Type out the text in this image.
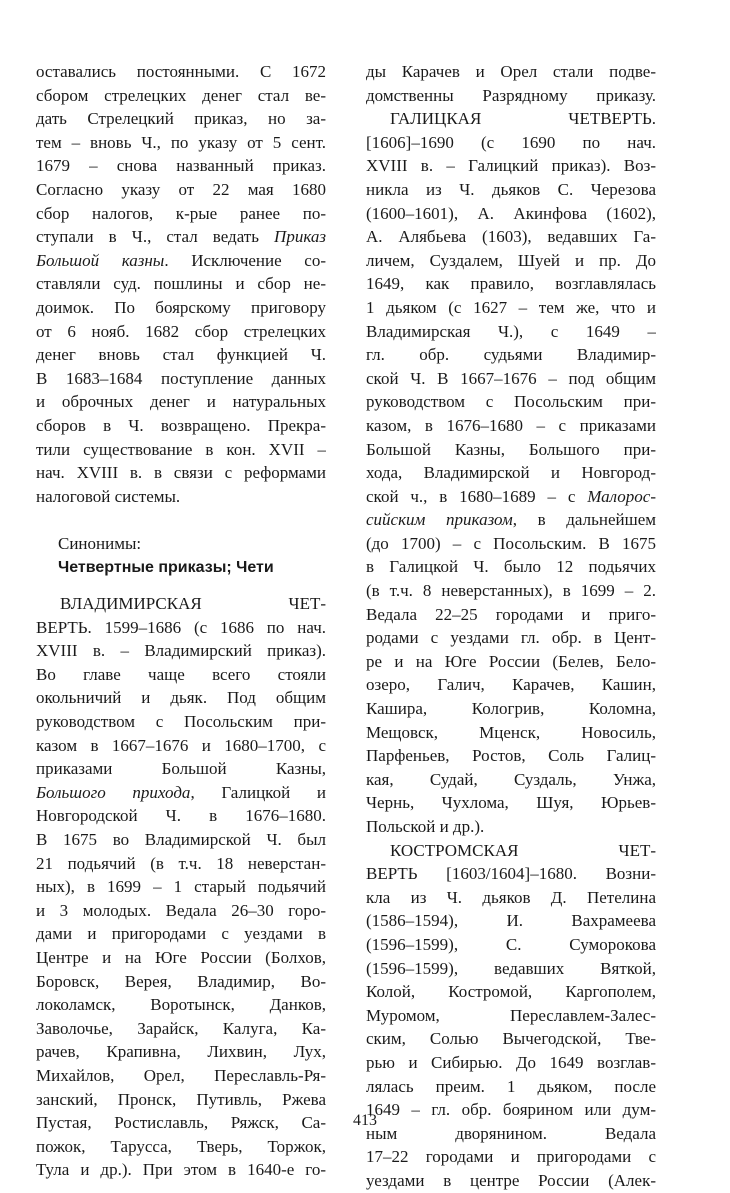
оставались постоянными. С 1672
сбором стрелецких денег стал ве-
дать Стрелецкий приказ, но за-
тем – вновь Ч., по указу от 5 сент.
1679 – снова названный приказ.
Согласно указу от 22 мая 1680
сбор налогов, к-рые ранее по-
ступали в Ч., стал ведать Приказ
Большой казны. Исключение со-
ставляли суд. пошлины и сбор не-
доимок. По боярскому приговору
от 6 нояб. 1682 сбор стрелецких
денег вновь стал функцией Ч.
В 1683–1684 поступление данных
и оброчных денег и натуральных
сборов в Ч. возвращено. Прекра-
тили существование в кон. XVII –
нач. XVIII в. в связи с реформами
налоговой системы.
Синонимы:
Четвертные приказы; Чети
ВЛАДИМИРСКАЯ ЧЕТ-
ВЕРТЬ. 1599–1686 (с 1686 по нач.
XVIII в. – Владимирский приказ).
Во главе чаще всего стояли
окольничий и дьяк. Под общим
руководством с Посольским при-
казом в 1667–1676 и 1680–1700, с
приказами Большой Казны,
Большого прихода, Галицкой и
Новгородской Ч. в 1676–1680.
В 1675 во Владимирской Ч. был
21 подьячий (в т.ч. 18 неверстан-
ных), в 1699 – 1 старый подьячий
и 3 молодых. Ведала 26–30 горо-
дами и пригородами с уездами в
Центре и на Юге России (Болхов,
Боровск, Верея, Владимир, Во-
локоламск, Воротынск, Данков,
Заволочье, Зарайск, Калуга, Ка-
рачев, Крапивна, Лихвин, Лух,
Михайлов, Орел, Переславль-Ря-
занский, Пронск, Путивль, Ржева
Пустая, Ростиславль, Ряжск, Са-
пожок, Тарусса, Тверь, Торжок,
Тула и др.). При этом в 1640-е го-
ды Карачев и Орел стали подве-
домственны Разрядному приказу.
ГАЛИЦКАЯ ЧЕТВЕРТЬ.
[1606]–1690 (с 1690 по нач.
XVIII в. – Галицкий приказ). Воз-
никла из Ч. дьяков С. Черезова
(1600–1601), А. Акинфова (1602),
А. Алябьева (1603), ведавших Га-
личем, Суздалем, Шуей и пр. До
1649, как правило, возглавлялась
1 дьяком (с 1627 – тем же, что и
Владимирская Ч.), с 1649 –
гл. обр. судьями Владимир-
ской Ч. В 1667–1676 – под общим
руководством с Посольским при-
казом, в 1676–1680 – с приказами
Большой Казны, Большого при-
хода, Владимирской и Новгород-
ской ч., в 1680–1689 – с Малорос-
сийским приказом, в дальнейшем
(до 1700) – с Посольским. В 1675
в Галицкой Ч. было 12 подьячих
(в т.ч. 8 неверстанных), в 1699 – 2.
Ведала 22–25 городами и приго-
родами с уездами гл. обр. в Цент-
ре и на Юге России (Белев, Бело-
озеро, Галич, Карачев, Кашин,
Кашира, Кологрив, Коломна,
Мещовск, Мценск, Новосиль,
Парфеньев, Ростов, Соль Галиц-
кая, Судай, Суздаль, Унжа,
Чернь, Чухлома, Шуя, Юрьев-
Польской и др.).
КОСТРОМСКАЯ ЧЕТ-
ВЕРТЬ [1603/1604]–1680. Возни-
кла из Ч. дьяков Д. Петелина
(1586–1594), И. Вахрамеева
(1596–1599), С. Суморокова
(1596–1599), ведавших Вяткой,
Колой, Костромой, Каргополем,
Муромом, Переславлем-Залес-
ским, Солью Вычегодской, Тве-
рью и Сибирью. До 1649 возглав-
лялась преим. 1 дьяком, после
1649 – гл. обр. боярином или дум-
ным дворянином. Ведала
17–22 городами и пригородами с
уездами в центре России (Алек-
413
